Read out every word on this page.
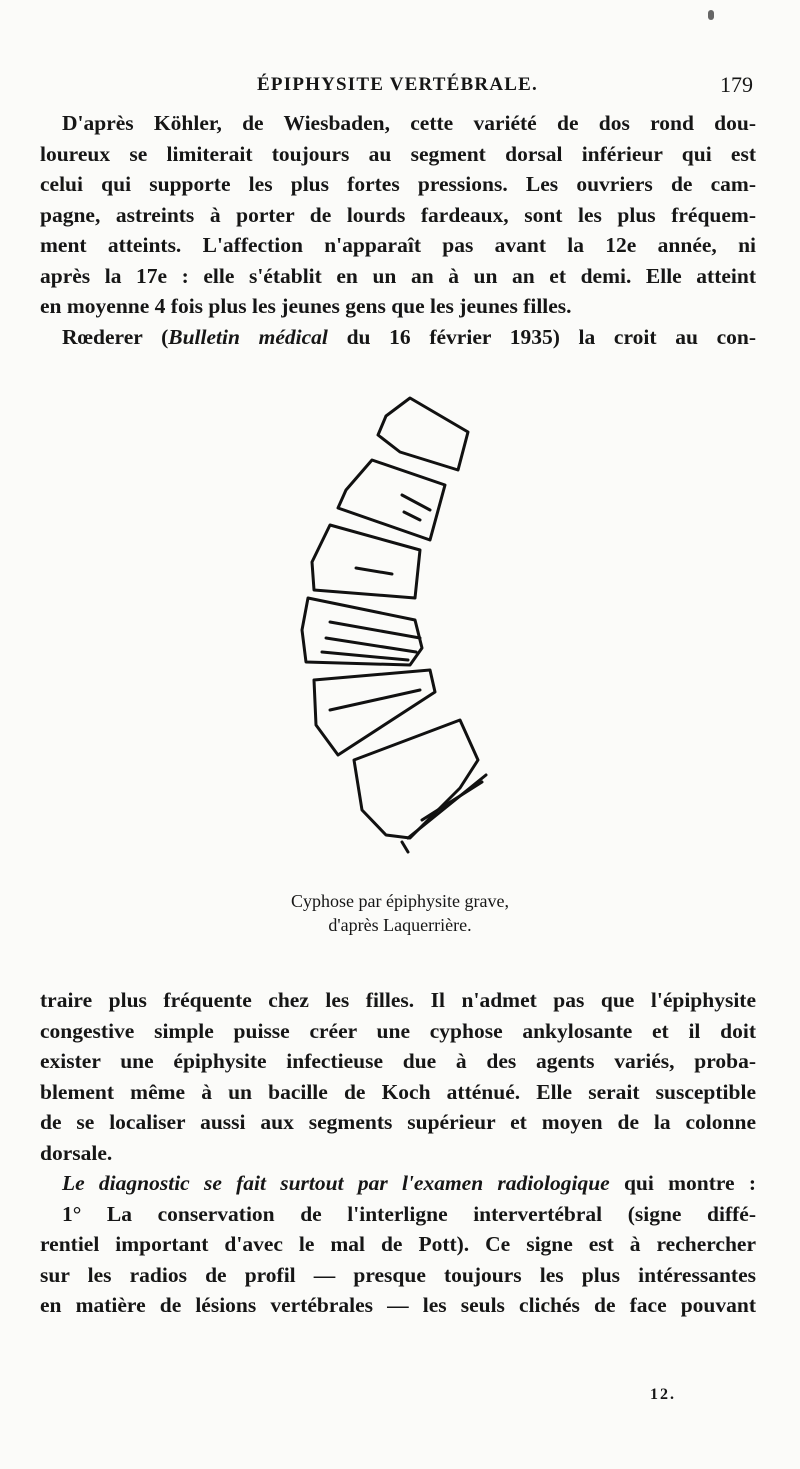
ÉPIPHYSITE VERTÉBRALE.	179
D'après Köhler, de Wiesbaden, cette variété de dos rond dou-
loureux se limiterait toujours au segment dorsal inférieur qui est
celui qui supporte les plus fortes pressions. Les ouvriers de cam-
pagne, astreints à porter de lourds fardeaux, sont les plus fréquem-
ment atteints. L'affection n'apparaît pas avant la 12e année, ni
après la 17e : elle s'établit en un an à un an et demi. Elle atteint
en moyenne 4 fois plus les jeunes gens que les jeunes filles.
Rœderer (Bulletin médical du 16 février 1935) la croit au con-
Cyphose par épiphysite grave,
d'après Laquerrière.
traire plus fréquente chez les filles. Il n'admet pas que l'épiphysite
congestive simple puisse créer une cyphose ankylosante et il doit
exister une épiphysite infectieuse due à des agents variés, proba-
blement même à un bacille de Koch atténué. Elle serait susceptible
de se localiser aussi aux segments supérieur et moyen de la colonne
dorsale.
Le diagnostic se fait surtout par l'examen radiologique qui montre :
1° La conservation de l'interligne intervertébral (signe diffé-
rentiel important d'avec le mal de Pott). Ce signe est à rechercher
sur les radios de profil — presque toujours les plus intéressantes
en matière de lésions vertébrales — les seuls clichés de face pouvant
12.
